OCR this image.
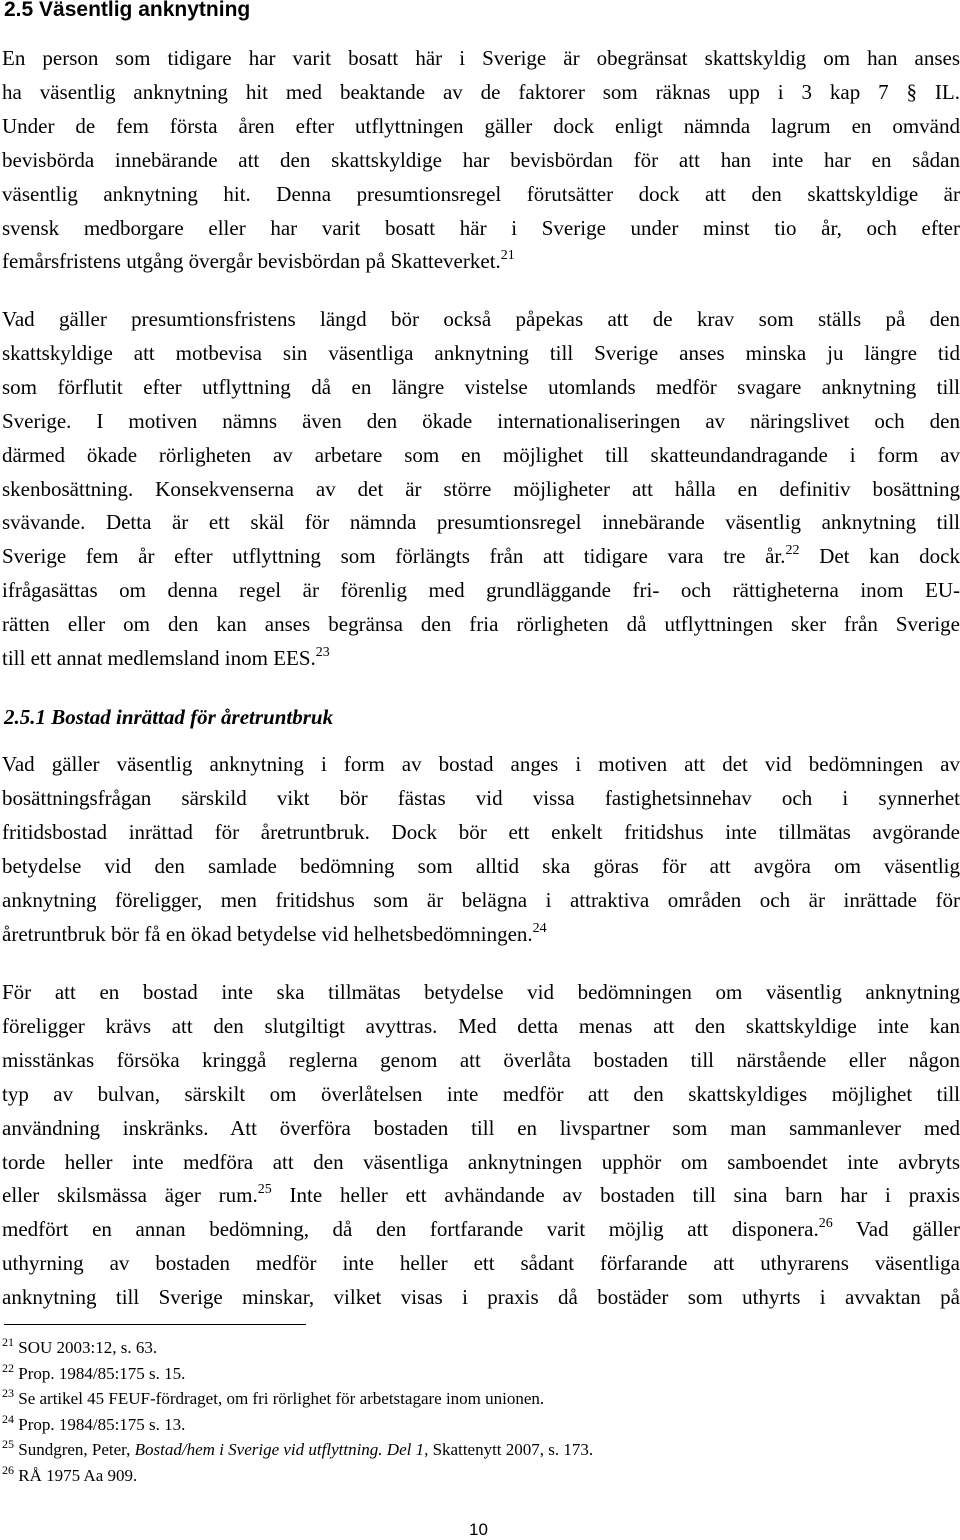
2.5 Väsentlig anknytning

En person som tidigare har varit bosatt här i Sverige är obegränsat skattskyldig om han anses
ha väsentlig anknytning hit med beaktande av de faktorer som räknas upp i 3 kap 7 § IL.
Under de fem första åren efter utflyttningen gäller dock enligt nämnda lagrum en omvänd
bevisbörda innebärande att den skattskyldige har bevisbördan för att han inte har en sådan
väsentlig anknytning hit. Denna presumtionsregel förutsätter dock att den skattskyldige är
svensk medborgare eller har varit bosatt här i Sverige under minst tio år, och efter
femårsfristens utgång övergår bevisbördan på Skatteverket.$^{21}$

Vad gäller presumtionsfristens längd bör också påpekas att de krav som ställs på den
skattskyldige att motbevisa sin väsentliga anknytning till Sverige anses minska ju längre tid
som förflutit efter utflyttning då en längre vistelse utomlands medför svagare anknytning till
Sverige. I motiven nämns även den ökade internationaliseringen av näringslivet och den
därmed ökade rörligheten av arbetare som en möjlighet till skatteundandragande i form av
skenbosättning. Konsekvenserna av det är större möjligheter att hålla en definitiv bosättning
svävande. Detta är ett skäl för nämnda presumtionsregel innebärande väsentlig anknytning till
Sverige fem år efter utflyttning som förlängts från att tidigare vara tre år.$^{22}$ Det kan dock
ifrågasättas om denna regel är förenlig med grundläggande fri- och rättigheterna inom EU-
rätten eller om den kan anses begränsa den fria rörligheten då utflyttningen sker från Sverige
till ett annat medlemsland inom EES.$^{23}$

2.5.1 Bostad inrättad för åretruntbruk

Vad gäller väsentlig anknytning i form av bostad anges i motiven att det vid bedömningen av
bosättningsfrågan särskild vikt bör fästas vid vissa fastighetsinnehav och i synnerhet
fritidsbostad inrättad för åretruntbruk. Dock bör ett enkelt fritidshus inte tillmätas avgörande
betydelse vid den samlade bedömning som alltid ska göras för att avgöra om väsentlig
anknytning föreligger, men fritidshus som är belägna i attraktiva områden och är inrättade för
åretruntbruk bör få en ökad betydelse vid helhetsbedömningen.$^{24}$

För att en bostad inte ska tillmätas betydelse vid bedömningen om väsentlig anknytning
föreligger krävs att den slutgiltigt avyttras. Med detta menas att den skattskyldige inte kan
misstänkas försöka kringgå reglerna genom att överlåta bostaden till närstående eller någon
typ av bulvan, särskilt om överlåtelsen inte medför att den skattskyldiges möjlighet till
användning inskränks. Att överföra bostaden till en livspartner som man sammanlever med
torde heller inte medföra att den väsentliga anknytningen upphör om samboendet inte avbryts
eller skilsmässa äger rum.$^{25}$ Inte heller ett avhändande av bostaden till sina barn har i praxis
medfört en annan bedömning, då den fortfarande varit möjlig att disponera.$^{26}$ Vad gäller
uthyrning av bostaden medför inte heller ett sådant förfarande att uthyrarens väsentliga
anknytning till Sverige minskar, vilket visas i praxis då bostäder som uthyrts i avvaktan på

$^{21}$ SOU 2003:12, s. 63.
$^{22}$ Prop. 1984/85:175 s. 15.
$^{23}$ Se artikel 45 FEUF-fördraget, om fri rörlighet för arbetstagare inom unionen.
$^{24}$ Prop. 1984/85:175 s. 13.
$^{25}$ Sundgren, Peter, Bostad/hem i Sverige vid utflyttning. Del 1, Skattenytt 2007, s. 173.
$^{26}$ RÅ 1975 Aa 909.
10
